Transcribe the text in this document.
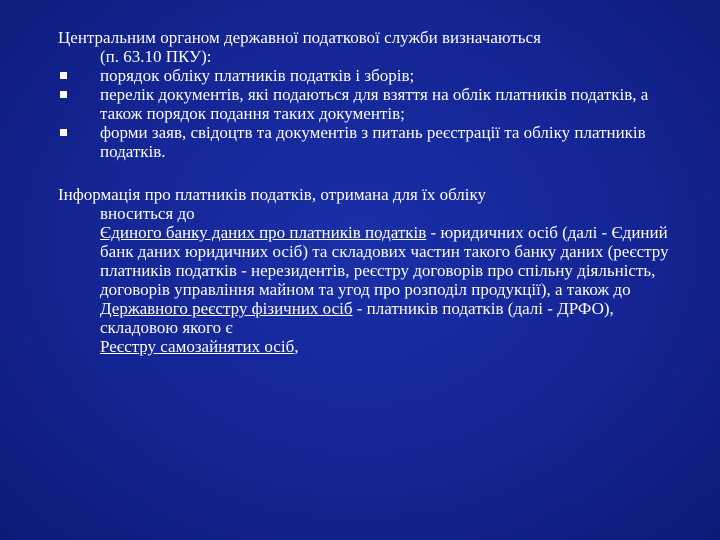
Центральним органом державної податкової служби визначаються
(п. 63.10 ПКУ):
порядок обліку платників податків і зборів;
перелік документів, які подаються для взяття на облік платників податків, а також порядок подання таких документів;
форми заяв, свідоцтв та документів з питань реєстрації та обліку платників податків.
Інформація про платників податків, отримана для їх обліку
вноситься до
Єдиного банку даних про платників податків - юридичних осіб (далі - Єдиний банк даних юридичних осіб) та складових частин такого банку даних (реєстру платників податків - нерезидентів, реєстру договорів про спільну діяльність, договорів управління майном та угод про розподіл продукції), а також до
Державного реєстру фізичних осіб - платників податків (далі - ДРФО), складовою якого є
Реєстру самозайнятих осіб,
